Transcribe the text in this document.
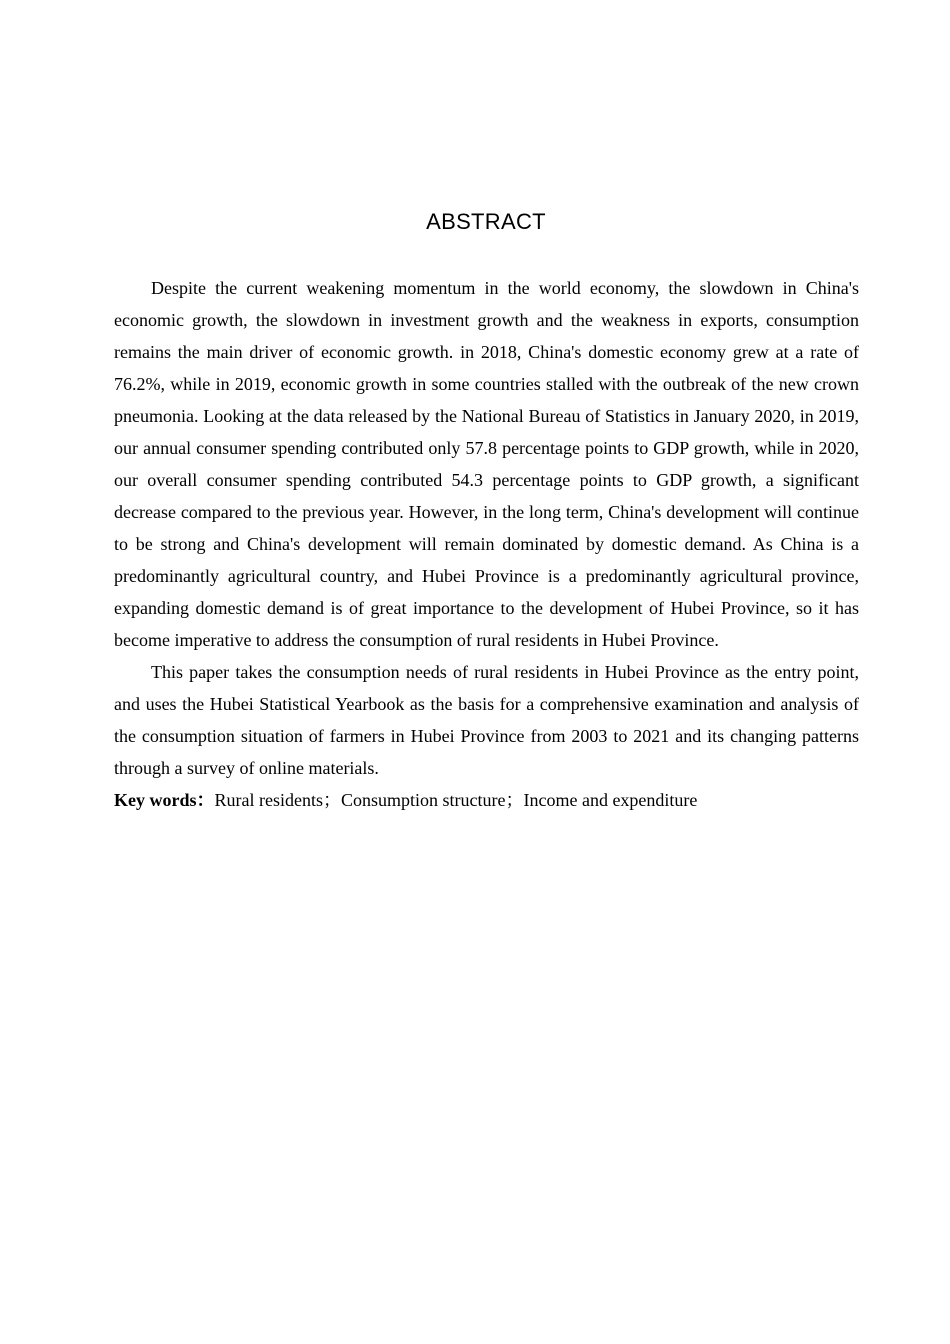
ABSTRACT

Despite the current weakening momentum in the world economy, the slowdown in China's economic growth, the slowdown in investment growth and the weakness in exports, consumption remains the main driver of economic growth. in 2018, China's domestic economy grew at a rate of 76.2%, while in 2019, economic growth in some countries stalled with the outbreak of the new crown pneumonia. Looking at the data released by the National Bureau of Statistics in January 2020, in 2019, our annual consumer spending contributed only 57.8 percentage points to GDP growth, while in 2020, our overall consumer spending contributed 54.3 percentage points to GDP growth, a significant decrease compared to the previous year. However, in the long term, China's development will continue to be strong and China's development will remain dominated by domestic demand. As China is a predominantly agricultural country, and Hubei Province is a predominantly agricultural province, expanding domestic demand is of great importance to the development of Hubei Province, so it has become imperative to address the consumption of rural residents in Hubei Province.

This paper takes the consumption needs of rural residents in Hubei Province as the entry point, and uses the Hubei Statistical Yearbook as the basis for a comprehensive examination and analysis of the consumption situation of farmers in Hubei Province from 2003 to 2021 and its changing patterns through a survey of online materials.

Key words：Rural residents；Consumption structure；Income and expenditure
